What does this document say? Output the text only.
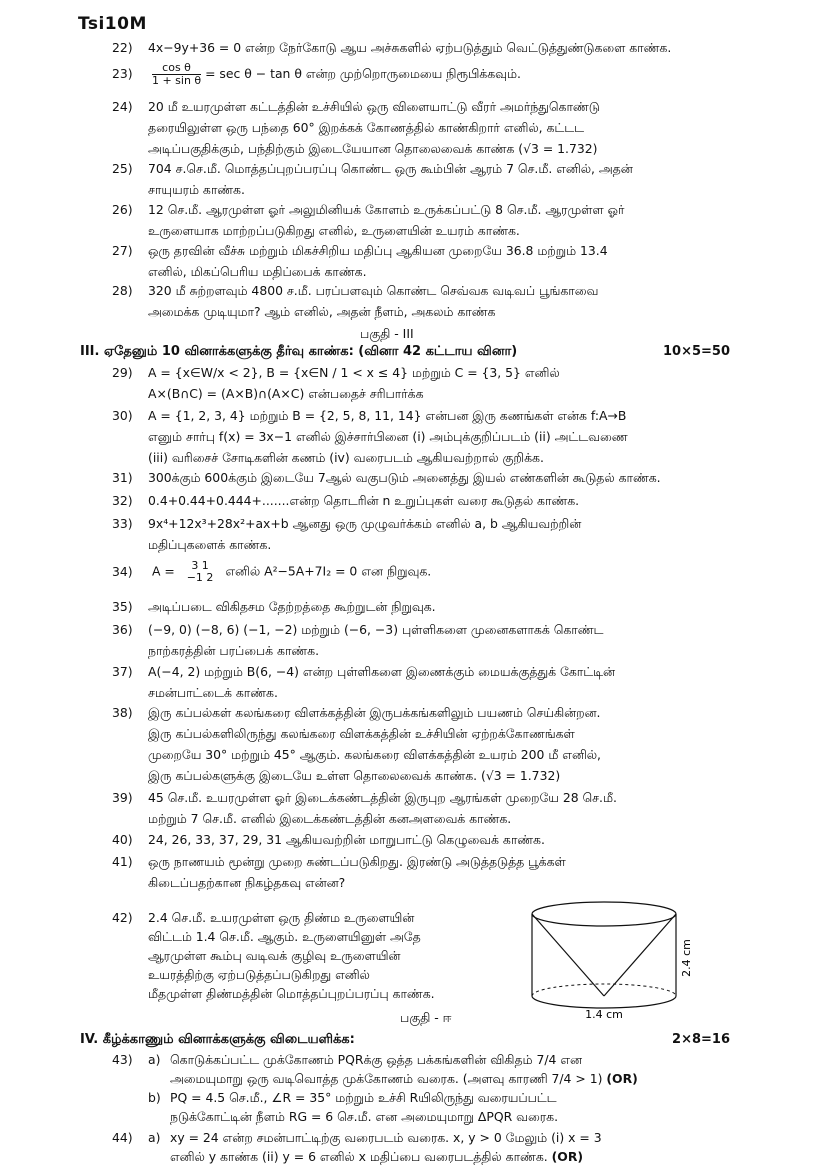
Tsi10M
22) 4x−9y+36 = 0 என்ற நேர்கோடு ஆய அச்சுகளில் ஏற்படுத்தும் வெட்டுத்துண்டுகளை காண்க.
$23) \frac{\text{cos θ}}{\text{1 + sin θ}} = \sec \theta - \tan \theta$ என்ற முற்றொருமையை நிரூபிக்கவும்.
24) 20 மீ உயரமுள்ள கட்டத்தின் உச்சியில் ஒரு விளையாட்டு வீரர் அமர்ந்துகொண்டு
தரையிலுள்ள ஒரு பந்தை 60° இறக்கக் கோணத்தில் காண்கிறார் எனில், கட்டட
அடிப்பகுதிக்கும், பந்திற்கும் இடையேயான தொலைவைக் காண்க (√3 = 1.732)
25) 704 ச.செ.மீ. மொத்தப்புறப்பரப்பு கொண்ட ஒரு கூம்பின் ஆரம் 7 செ.மீ. எனில், அதன்
சாயுயரம் காண்க.
26) 12 செ.மீ. ஆரமுள்ள ஓர் அலுமினியக் கோளம் உருக்கப்பட்டு 8 செ.மீ. ஆரமுள்ள ஓர்
உருளையாக மாற்றப்படுகிறது எனில், உருளையின் உயரம் காண்க.
27) ஒரு தரவின் வீச்சு மற்றும் மிகச்சிறிய மதிப்பு ஆகியன முறையே 36.8 மற்றும் 13.4
எனில், மிகப்பெரிய மதிப்பைக் காண்க.
28) 320 மீ சுற்றளவும் 4800 ச.மீ. பரப்பளவும் கொண்ட செவ்வக வடிவப் பூங்காவை
அமைக்க முடியுமா? ஆம் எனில், அதன் நீளம், அகலம் காண்க
பகுதி - III
III. ஏதேனும் 10 வினாக்களுக்கு தீர்வு காண்க: (வினா 42 கட்டாய வினா)	10×5=50
29) A = {x∈W/x < 2}, B = {x∈N / 1 < x ≤ 4} மற்றும் C = {3, 5} எனில்
A×(B∩C) = (A×B)∩(A×C) என்பதைச் சரிபார்க்க
30) A = {1, 2, 3, 4} மற்றும் B = {2, 5, 8, 11, 14} என்பன இரு கணங்கள் என்க f:A→B
எனும் சார்பு f(x) = 3x−1 எனில் இச்சார்பினை (i) அம்புக்குறிப்படம் (ii) அட்டவணை
(iii) வரிசைச் சோடிகளின் கணம் (iv) வரைபடம் ஆகியவற்றால் குறிக்க.
31) 300க்கும் 600க்கும் இடையே 7ஆல் வகுபடும் அனைத்து இயல் எண்களின் கூடுதல் காண்க.
32) 0.4+0.44+0.444+.......என்ற தொடரின் n உறுப்புகள் வரை கூடுதல் காண்க.
33) 9x⁴+12x³+28x²+ax+b ஆனது ஒரு முழுவர்க்கம் எனில் a, b ஆகியவற்றின்
மதிப்புகளைக் காண்க.
34) A =	3 1
−1 2 எனில் A²−5A+7I₂ = 0 என நிறுவுக.
35) அடிப்படை விகிதசம தேற்றத்தை கூற்றுடன் நிறுவுக.
36) (−9, 0) (−8, 6) (−1, −2) மற்றும் (−6, −3) புள்ளிகளை முனைகளாகக் கொண்ட
நாற்கரத்தின் பரப்பைக் காண்க.
37) A(−4, 2) மற்றும் B(6, −4) என்ற புள்ளிகளை இணைக்கும் மையக்குத்துக் கோட்டின்
சமன்பாட்டைக் காண்க.
38) இரு கப்பல்கள் கலங்கரை விளக்கத்தின் இருபக்கங்களிலும் பயணம் செய்கின்றன.
இரு கப்பல்களிலிருந்து கலங்கரை விளக்கத்தின் உச்சியின் ஏற்றக்கோணங்கள்
முறையே 30° மற்றும் 45° ஆகும். கலங்கரை விளக்கத்தின் உயரம் 200 மீ எனில்,
இரு கப்பல்களுக்கு இடையே உள்ள தொலைவைக் காண்க. (√3 = 1.732)
39) 45 செ.மீ. உயரமுள்ள ஓர் இடைக்கண்டத்தின் இருபுற ஆரங்கள் முறையே 28 செ.மீ.
மற்றும் 7 செ.மீ. எனில் இடைக்கண்டத்தின் கனஅளவைக் காண்க.
40) 24, 26, 33, 37, 29, 31 ஆகியவற்றின் மாறுபாட்டு கெழுவைக் காண்க.
41) ஒரு நாணயம் மூன்று முறை சுண்டப்படுகிறது. இரண்டு அடுத்தடுத்த பூக்கள்
கிடைப்பதற்கான நிகழ்தகவு என்ன?
42) 2.4 செ.மீ. உயரமுள்ள ஒரு திண்ம உருளையின்
விட்டம் 1.4 செ.மீ. ஆகும். உருளையினுள் அதே
ஆரமுள்ள கூம்பு வடிவக் குழிவு உருளையின்
உயரத்திற்கு ஏற்படுத்தப்படுகிறது எனில்
மீதமுள்ள திண்மத்தின் மொத்தப்புறப்பரப்பு காண்க.
2.4 cm
1.4 cm
பகுதி - ஈ
IV. கீழ்க்காணும் வினாக்களுக்கு விடையளிக்க:	2×8=16
43) a) கொடுக்கப்பட்ட முக்கோணம் PQRக்கு ஒத்த பக்கங்களின் விகிதம் 7/4 என
அமையுமாறு ஒரு வடிவொத்த முக்கோணம் வரைக. (அளவு காரணி 7/4 > 1) (OR)
b) PQ = 4.5 செ.மீ., ∠R = 35° மற்றும் உச்சி Rயிலிருந்து வரையப்பட்ட
நடுக்கோட்டின் நீளம் RG = 6 செ.மீ. என அமையுமாறு ΔPQR வரைக.
44) a) xy = 24 என்ற சமன்பாட்டிற்கு வரைபடம் வரைக. x, y > 0 மேலும் (i) x = 3
எனில் y காண்க (ii) y = 6 எனில் x மதிப்பை வரைபடத்தில் காண்க. (OR)
